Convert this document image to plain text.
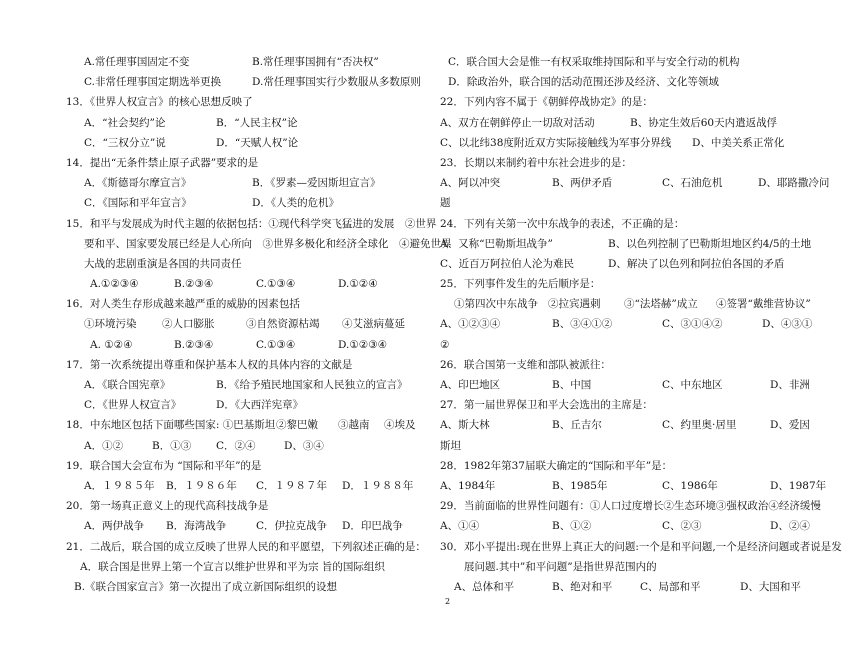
A.常任理事国固定不变	B.常任理事国拥有“否决权”
C.非常任理事国定期选举更换	D.常任理事国实行少数服从多数原则
13．《世界人权宣言》的核心思想反映了
A．“社会契约”论	B．“人民主权”论
C．“三权分立”说	D．“天赋人权”论
14．提出“无条件禁止原子武器”要求的是
A．《斯德哥尔摩宣言》	B．《罗素—爱因斯坦宣言》
C．《国际和平年宣言》	D．《人类的危机》
15．和平与发展成为时代主题的依据包括：①现代科学突飞猛进的发展　②世界
要和平、国家要发展已经是人心所向　③世界多极化和经济全球化　④避免世界
大战的悲剧重演是各国的共同责任
A.①②③④	B.②③④	C.①③④	D.①②④
16．对人类生存形成越来越严重的威胁的因素包括
①环境污染 ②人口膨胀	③自然资源枯竭 ④艾滋病蔓延
A. ①②④	B.②③④	C.①③④	D.①②③④
17．第一次系统提出尊重和保护基本人权的具体内容的文献是
A．《联合国宪章》	B．《给予殖民地国家和人民独立的宣言》
C．《世界人权宣言》	D．《大西洋宪章》
18．中东地区包括下面哪些国家: ①巴基斯坦 ②黎巴嫩 ③越南 ④埃及
A．①②	B．①③ C．②④	D、③④
19．联合国大会宣布为 “国际和平年”的是
A．１９８５年 B．１９８６年 C．１９８７年 D．１９８８年
20．第一场真正意义上的现代高科技战争是
A．两伊战争 B．海湾战争	C．伊拉克战争 D．印巴战争
21．二战后，联合国的成立反映了世界人民的和平愿望，下列叙述正确的是：
A．联合国是世界上第一个宣言以维护世界和平为宗 旨的国际组织
B.《联合国家宣言》第一次提出了成立新国际组织的设想
C．联合国大会是惟一有权采取维持国际和平与安全行动的机构
D．除政治外，联合国的活动范围还涉及经济、文化等领域
22．下列内容不属于《朝鲜停战协定》的是：
A、双方在朝鲜停止一切敌对活动	B、协定生效后60天内遣返战俘
C、以北纬38度附近双方实际接触线为军事分界线 D、中美关系正常化
23．长期以来制约着中东社会进步的是：
A、阿以冲突	B、两伊矛盾	C、石油危机	D、耶路撒冷问
题
24．下列有关第一次中东战争的表述，不正确的是：
A、又称“巴勒斯坦战争”	B、以色列控制了巴勒斯坦地区约4/5的土地
C、近百万阿拉伯人沦为难民	D、解决了以色列和阿拉伯各国的矛盾
25．下列事件发生的先后顺序是：
①第四次中东战争 ②拉宾遇刺 ③“法塔赫”成立 ④签署“戴维营协议”
A、①②③④	B、③④①②	C、③①④②	D、④③①
②
26．联合国第一支维和部队被派往：
A、印巴地区	B、中国	C、中东地区	D、非洲
27．第一届世界保卫和平大会选出的主席是：
A、斯大林	B、丘吉尔	C、约里奥·居里	D、爱因
斯坦
28．1982年第37届联大确定的“国际和平年”是：
A、1984年	B、1985年	C、1986年	D、1987年
29．当前面临的世界性问题有：①人口过度增长②生态环境③强权政治④经济缓慢
A、①④	B、①②	C、②③	D、②④
30．邓小平提出:现在世界上真正大的问题:一个是和平问题,一个是经济问题或者说是发
展问题.其中”和平问题”是指世界范围内的
A、总体和平	B、绝对和平	C、局部和平	D、大国和平
2
